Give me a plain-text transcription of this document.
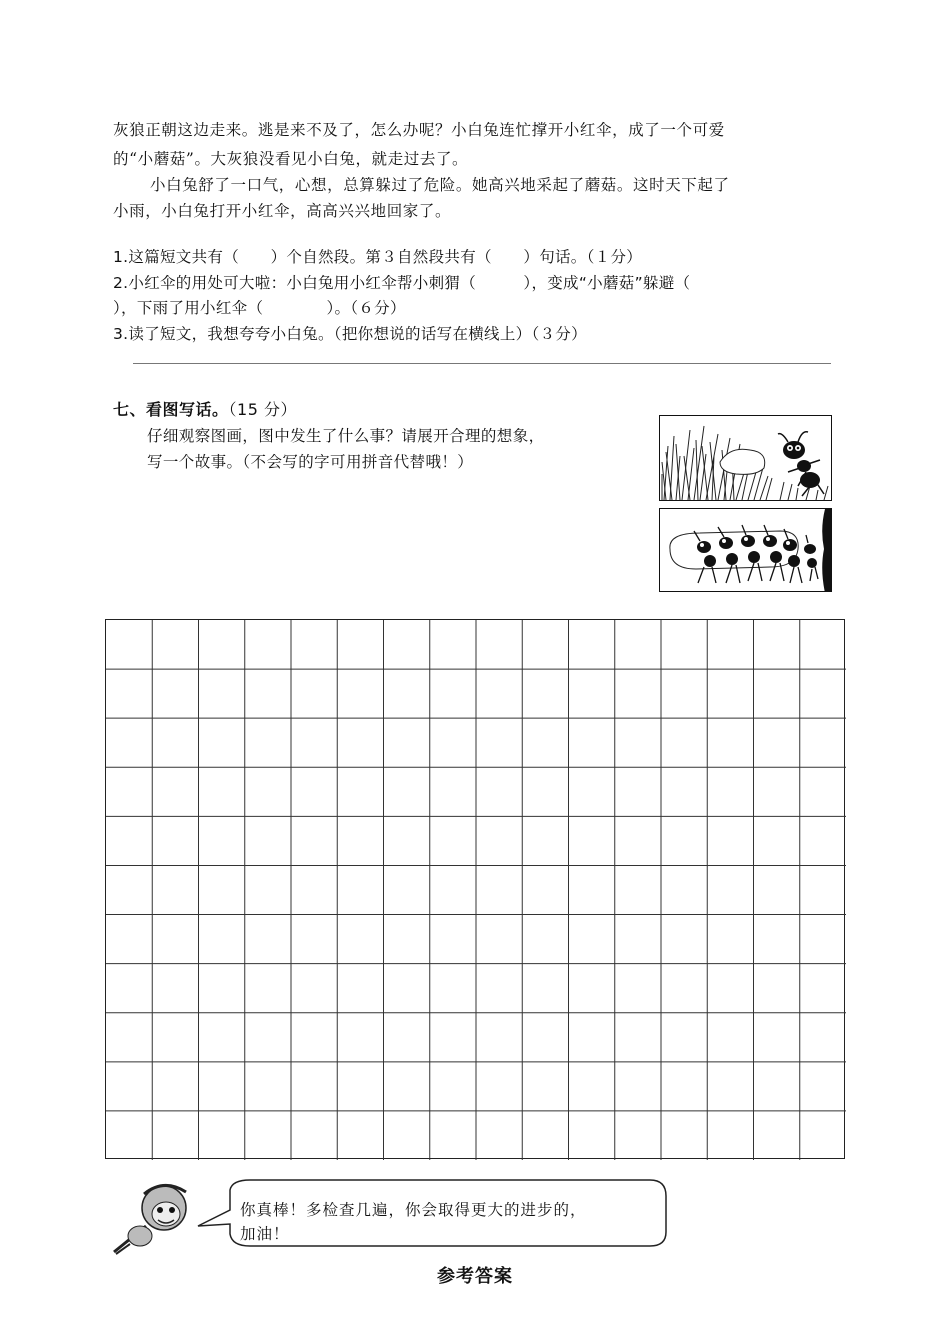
灰狼正朝这边走来。逃是来不及了，怎么办呢？小白兔连忙撑开小红伞，成了一个可爱
的“小蘑菇”。大灰狼没看见小白兔，就走过去了。
小白兔舒了一口气，心想，总算躲过了危险。她高兴地采起了蘑菇。这时天下起了
小雨，小白兔打开小红伞，高高兴兴地回家了。
1.这篇短文共有（　　）个自然段。第３自然段共有（　　）句话。（１分）
2.小红伞的用处可大啦：小白兔用小红伞帮小刺猬（　　　），变成“小蘑菇”躲避（
），下雨了用小红伞（　　　　）。（６分）
3.读了短文，我想夸夸小白兔。（把你想说的话写在横线上）（３分）
七、看图写话。（15 分）
仔细观察图画，图中发生了什么事？请展开合理的想象，
写一个故事。（不会写的字可用拼音代替哦！）
你真棒！多检查几遍，你会取得更大的进步的，
加油！
参考答案
